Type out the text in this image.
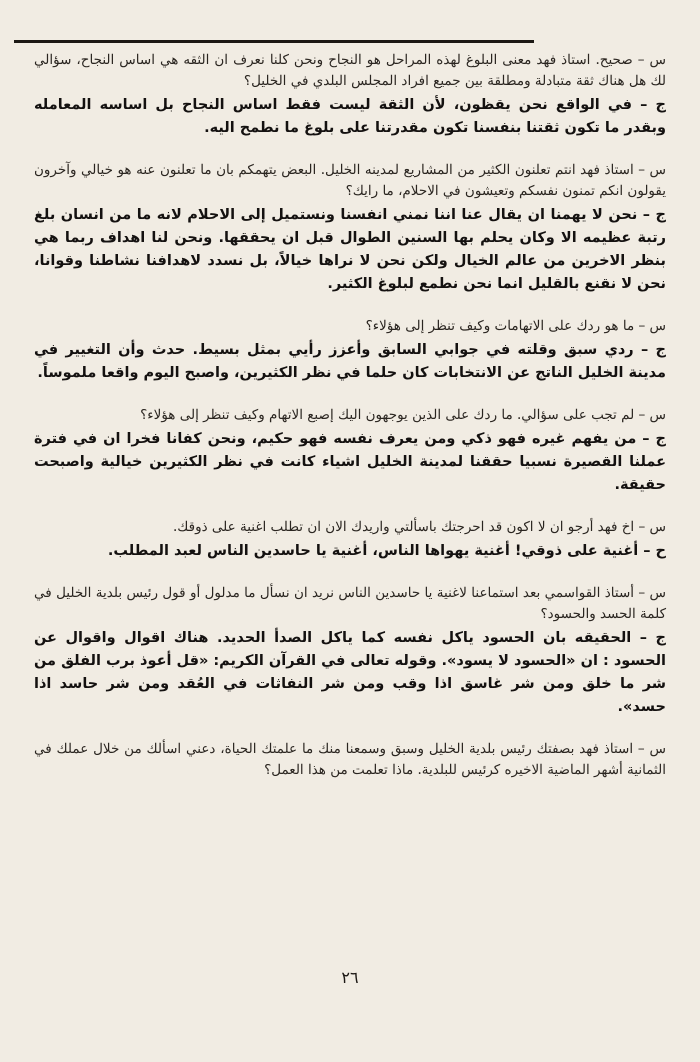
س – صحيح. استاذ فهد معنى البلوغ لهذه المراحل هو النجاح ونحن كلنا نعرف ان الثقه هي اساس النجاح، سؤالي لك هل هناك ثقة متبادلة ومطلقة بين جميع افراد المجلس البلدي في الخليل؟

ج – في الواقع نحن يقظون، لأن الثقة ليست فقط اساس النجاح بل اساسه المعامله وبقدر ما تكون ثقتنا بنفسنا تكون مقدرتنا على بلوغ ما نطمح اليه.

س – استاذ فهد انتم تعلنون الكثير من المشاريع لمدينه الخليل. البعض يتهمكم بان ما تعلنون عنه هو خيالي وآخرون يقولون انكم تمنون نفسكم وتعيشون في الاحلام، ما رايك؟

ج – نحن لا يهمنا ان يقال عنا اننا نمني انفسنا ونستميل إلى الاحلام لانه ما من انسان بلغ رتبة عظيمه الا وكان يحلم بها السنين الطوال قبل ان يحققها. ونحن لنا اهداف ربما هي بنظر الاخرين من عالم الخيال ولكن نحن لا نراها خيالاً، بل نسدد لاهدافنا نشاطنا وقوانا، نحن لا نقنع بالقليل انما نحن نطمع لبلوغ الكثير.

س – ما هو ردك على الاتهامات وكيف تنظر إلى هؤلاء؟

ج – ردي سبق وقلته في جوابي السابق وأعزز رأيي بمثل بسيط. حدث وأن التغيير في مدينة الخليل الناتج عن الانتخابات كان حلما في نظر الكثيرين، واصبح اليوم واقعا ملموساً.

س – لم تجب على سؤالي. ما ردك على الذين يوجهون اليك إصبع الاتهام وكيف تنظر إلى هؤلاء؟

ج – من يفهم غيره فهو ذكي ومن يعرف نفسه فهو حكيم، ونحن كفانا فخرا ان في فترة عملنا القصيرة نسبيا حققنا لمدينة الخليل اشياء كانت في نظر الكثيرين خيالية واصبحت حقيقة.

س – اخ فهد أرجو ان لا اكون قد احرجتك باسألتي واريدك الان ان تطلب اغنية على ذوقك.

ح – أغنية على ذوقي! أغنية يهواها الناس، أغنية يا حاسدين الناس لعبد المطلب.

س – أستاذ القواسمي بعد استماعنا لاغنية يا حاسدين الناس نريد ان نسأل ما مدلول أو قول رئيس بلدية الخليل في كلمة الحسد والحسود؟

ج – الحقيقه بان الحسود ياكل نفسه كما ياكل الصدأ الحديد. هناك اقوال واقوال عن الحسود : ان «الحسود لا يسود». وقوله تعالى في القرآن الكريم: «قل أعوذ برب الفلق من شر ما خلق ومن شر غاسق اذا وقب ومن شر النفاثات في العُقد ومن شر حاسد اذا حسد».

س – استاذ فهد بصفتك رئيس بلدية الخليل وسبق وسمعنا منك ما علمتك الحياة، دعني اسألك من خلال عملك في الثمانية أشهر الماضية الاخيره كرئيس للبلدية. ماذا تعلمت من هذا العمل؟

٢٦
